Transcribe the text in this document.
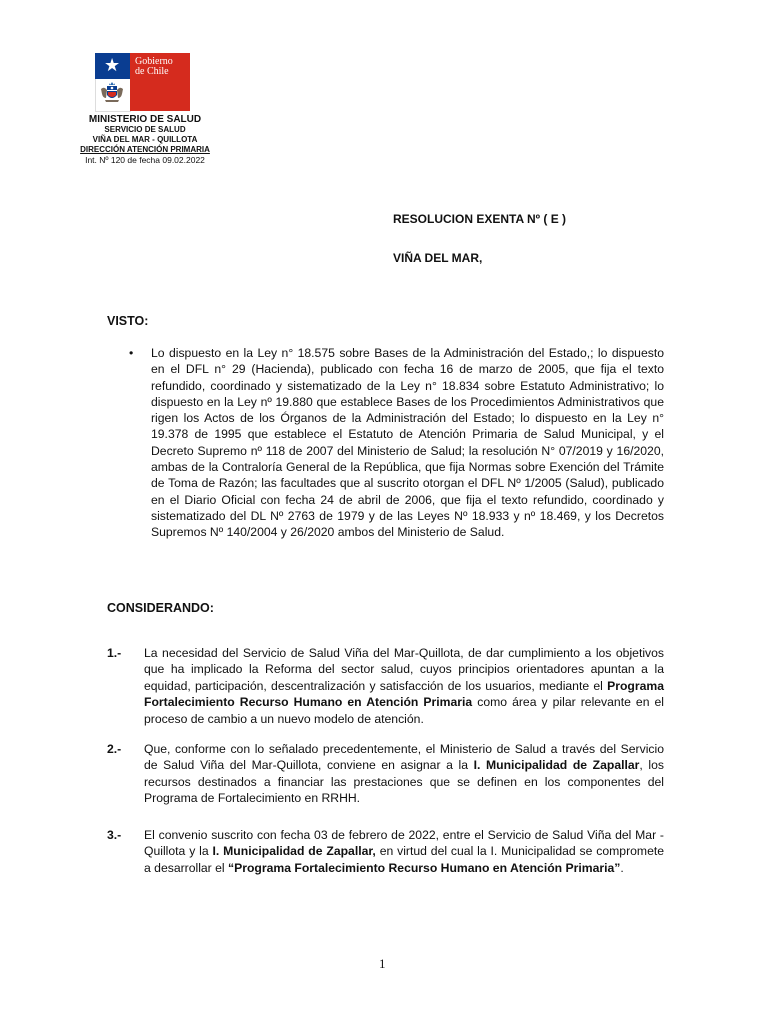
★ Gobierno
de Chile
MINISTERIO DE SALUD
SERVICIO DE SALUD
VIÑA DEL MAR - QUILLOTA
DIRECCIÓN ATENCIÓN PRIMARIA
Int. Nº 120 de fecha 09.02.2022
RESOLUCION EXENTA Nº ( E )
VIÑA DEL MAR,
VISTO:
• Lo dispuesto en la Ley n° 18.575 sobre Bases de la Administración del Estado,; lo dispuesto en el DFL n° 29 (Hacienda), publicado con fecha 16 de marzo de 2005, que fija el texto refundido, coordinado y sistematizado de la Ley n° 18.834 sobre Estatuto Administrativo; lo dispuesto en la Ley nº 19.880 que establece Bases de los Procedimientos Administrativos que rigen los Actos de los Órganos de la Administración del Estado; lo dispuesto en la Ley n° 19.378 de 1995 que establece el Estatuto de Atención Primaria de Salud Municipal, y el Decreto Supremo nº 118 de 2007 del Ministerio de Salud; la resolución N° 07/2019 y 16/2020, ambas de la Contraloría General de la República, que fija Normas sobre Exención del Trámite de Toma de Razón; las facultades que al suscrito otorgan el DFL Nº 1/2005 (Salud), publicado en el Diario Oficial con fecha 24 de abril de 2006, que fija el texto refundido, coordinado y sistematizado del DL Nº 2763 de 1979 y de las Leyes Nº 18.933 y nº 18.469, y los Decretos Supremos Nº 140/2004 y 26/2020 ambos del Ministerio de Salud.
CONSIDERANDO:
1.- La necesidad del Servicio de Salud Viña del Mar-Quillota, de dar cumplimiento a los objetivos que ha implicado la Reforma del sector salud, cuyos principios orientadores apuntan a la equidad, participación, descentralización y satisfacción de los usuarios, mediante el Programa Fortalecimiento Recurso Humano en Atención Primaria como área y pilar relevante en el proceso de cambio a un nuevo modelo de atención.
2.- Que, conforme con lo señalado precedentemente, el Ministerio de Salud a través del Servicio de Salud Viña del Mar-Quillota, conviene en asignar a la I. Municipalidad de Zapallar, los recursos destinados a financiar las prestaciones que se definen en los componentes del Programa de Fortalecimiento en RRHH.
3.- El convenio suscrito con fecha 03 de febrero de 2022, entre el Servicio de Salud Viña del Mar - Quillota y la I. Municipalidad de Zapallar, en virtud del cual la I. Municipalidad se compromete a desarrollar el “Programa Fortalecimiento Recurso Humano en Atención Primaria”.
1
